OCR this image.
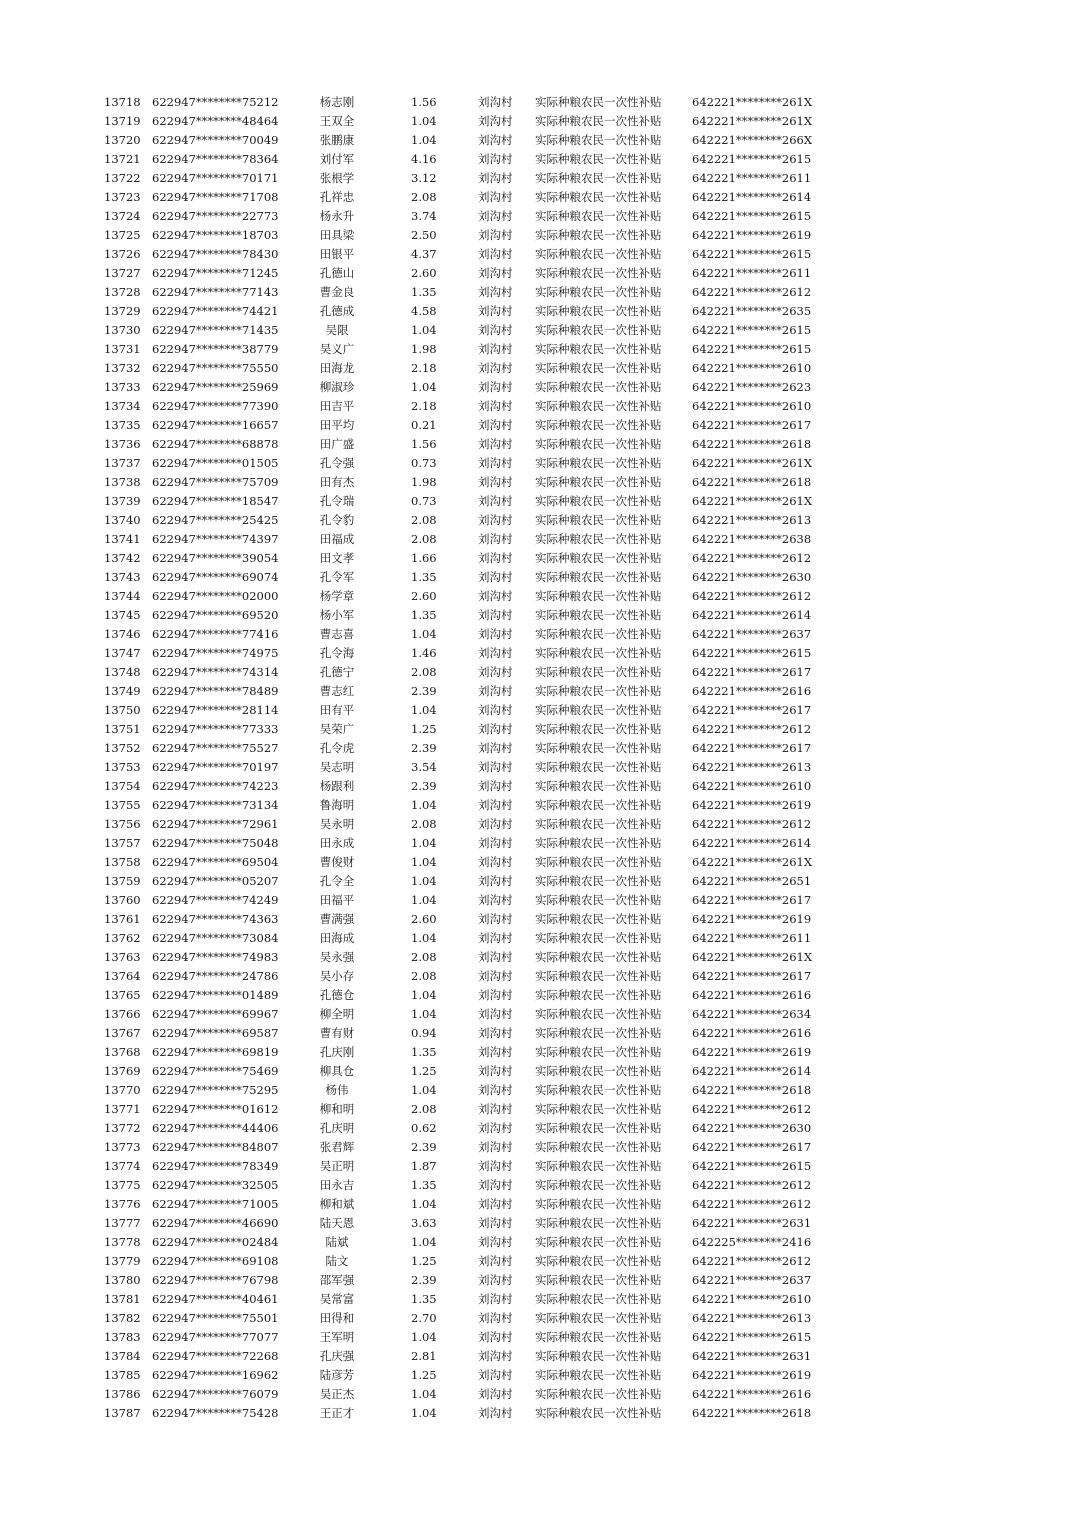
13718 622947********75212	杨志刚	1.56	刘沟村 实际种粮农民一次性补贴	642221********261X
13719 622947********48464	王双全	1.04	刘沟村 实际种粮农民一次性补贴	642221********261X
13720 622947********70049	张鹏康	1.04	刘沟村 实际种粮农民一次性补贴	642221********266X
13721 622947********78364	刘付军	4.16	刘沟村 实际种粮农民一次性补贴	642221********2615
13722 622947********70171	张根学	3.12	刘沟村 实际种粮农民一次性补贴	642221********2611
13723 622947********71708	孔祥忠	2.08	刘沟村 实际种粮农民一次性补贴	642221********2614
13724 622947********22773	杨永升	3.74	刘沟村 实际种粮农民一次性补贴	642221********2615
13725 622947********18703	田具梁	2.50	刘沟村 实际种粮农民一次性补贴	642221********2619
13726 622947********78430	田银平	4.37	刘沟村 实际种粮农民一次性补贴	642221********2615
13727 622947********71245	孔德山	2.60	刘沟村 实际种粮农民一次性补贴	642221********2611
13728 622947********77143	曹金良	1.35	刘沟村 实际种粮农民一次性补贴	642221********2612
13729 622947********74421	孔德成	4.58	刘沟村 实际种粮农民一次性补贴	642221********2635
13730 622947********71435	吴限	1.04	刘沟村 实际种粮农民一次性补贴	642221********2615
13731 622947********38779	吴义广	1.98	刘沟村 实际种粮农民一次性补贴	642221********2615
13732 622947********75550	田海龙	2.18	刘沟村 实际种粮农民一次性补贴	642221********2610
13733 622947********25969	柳淑珍	1.04	刘沟村 实际种粮农民一次性补贴	642221********2623
13734 622947********77390	田吉平	2.18	刘沟村 实际种粮农民一次性补贴	642221********2610
13735 622947********16657	田平均	0.21	刘沟村 实际种粮农民一次性补贴	642221********2617
13736 622947********68878	田广盛	1.56	刘沟村 实际种粮农民一次性补贴	642221********2618
13737 622947********01505	孔令强	0.73	刘沟村 实际种粮农民一次性补贴	642221********261X
13738 622947********75709	田有杰	1.98	刘沟村 实际种粮农民一次性补贴	642221********2618
13739 622947********18547	孔令瑞	0.73	刘沟村 实际种粮农民一次性补贴	642221********261X
13740 622947********25425	孔令豹	2.08	刘沟村 实际种粮农民一次性补贴	642221********2613
13741 622947********74397	田福成	2.08	刘沟村 实际种粮农民一次性补贴	642221********2638
13742 622947********39054	田文孝	1.66	刘沟村 实际种粮农民一次性补贴	642221********2612
13743 622947********69074	孔令军	1.35	刘沟村 实际种粮农民一次性补贴	642221********2630
13744 622947********02000	杨学章	2.60	刘沟村 实际种粮农民一次性补贴	642221********2612
13745 622947********69520	杨小军	1.35	刘沟村 实际种粮农民一次性补贴	642221********2614
13746 622947********77416	曹志喜	1.04	刘沟村 实际种粮农民一次性补贴	642221********2637
13747 622947********74975	孔令海	1.46	刘沟村 实际种粮农民一次性补贴	642221********2615
13748 622947********74314	孔德宁	2.08	刘沟村 实际种粮农民一次性补贴	642221********2617
13749 622947********78489	曹志红	2.39	刘沟村 实际种粮农民一次性补贴	642221********2616
13750 622947********28114	田有平	1.04	刘沟村 实际种粮农民一次性补贴	642221********2617
13751 622947********77333	吴荣广	1.25	刘沟村 实际种粮农民一次性补贴	642221********2612
13752 622947********75527	孔令虎	2.39	刘沟村 实际种粮农民一次性补贴	642221********2617
13753 622947********70197	吴志明	3.54	刘沟村 实际种粮农民一次性补贴	642221********2613
13754 622947********74223	杨跟利	2.39	刘沟村 实际种粮农民一次性补贴	642221********2610
13755 622947********73134	鲁海明	1.04	刘沟村 实际种粮农民一次性补贴	642221********2619
13756 622947********72961	吴永明	2.08	刘沟村 实际种粮农民一次性补贴	642221********2612
13757 622947********75048	田永成	1.04	刘沟村 实际种粮农民一次性补贴	642221********2614
13758 622947********69504	曹俊财	1.04	刘沟村 实际种粮农民一次性补贴	642221********261X
13759 622947********05207	孔令全	1.04	刘沟村 实际种粮农民一次性补贴	642221********2651
13760 622947********74249	田福平	1.04	刘沟村 实际种粮农民一次性补贴	642221********2617
13761 622947********74363	曹满强	2.60	刘沟村 实际种粮农民一次性补贴	642221********2619
13762 622947********73084	田海成	1.04	刘沟村 实际种粮农民一次性补贴	642221********2611
13763 622947********74983	吴永强	2.08	刘沟村 实际种粮农民一次性补贴	642221********261X
13764 622947********24786	吴小存	2.08	刘沟村 实际种粮农民一次性补贴	642221********2617
13765 622947********01489	孔德仓	1.04	刘沟村 实际种粮农民一次性补贴	642221********2616
13766 622947********69967	柳全明	1.04	刘沟村 实际种粮农民一次性补贴	642221********2634
13767 622947********69587	曹有财	0.94	刘沟村 实际种粮农民一次性补贴	642221********2616
13768 622947********69819	孔庆刚	1.35	刘沟村 实际种粮农民一次性补贴	642221********2619
13769 622947********75469	柳具仓	1.25	刘沟村 实际种粮农民一次性补贴	642221********2614
13770 622947********75295	杨伟	1.04	刘沟村 实际种粮农民一次性补贴	642221********2618
13771 622947********01612	柳和明	2.08	刘沟村 实际种粮农民一次性补贴	642221********2612
13772 622947********44406	孔庆明	0.62	刘沟村 实际种粮农民一次性补贴	642221********2630
13773 622947********84807	张君辉	2.39	刘沟村 实际种粮农民一次性补贴	642221********2617
13774 622947********78349	吴正明	1.87	刘沟村 实际种粮农民一次性补贴	642221********2615
13775 622947********32505	田永吉	1.35	刘沟村 实际种粮农民一次性补贴	642221********2612
13776 622947********71005	柳和斌	1.04	刘沟村 实际种粮农民一次性补贴	642221********2612
13777 622947********46690	陆天恩	3.63	刘沟村 实际种粮农民一次性补贴	642221********2631
13778 622947********02484	陆斌	1.04	刘沟村 实际种粮农民一次性补贴	642225********2416
13779 622947********69108	陆文	1.25	刘沟村 实际种粮农民一次性补贴	642221********2612
13780 622947********76798	邵军强	2.39	刘沟村 实际种粮农民一次性补贴	642221********2637
13781 622947********40461	吴常富	1.35	刘沟村 实际种粮农民一次性补贴	642221********2610
13782 622947********75501	田得和	2.70	刘沟村 实际种粮农民一次性补贴	642221********2613
13783 622947********77077	王军明	1.04	刘沟村 实际种粮农民一次性补贴	642221********2615
13784 622947********72268	孔庆强	2.81	刘沟村 实际种粮农民一次性补贴	642221********2631
13785 622947********16962	陆彦芳	1.25	刘沟村 实际种粮农民一次性补贴	642221********2619
13786 622947********76079	吴正杰	1.04	刘沟村 实际种粮农民一次性补贴	642221********2616
13787 622947********75428	王正才	1.04	刘沟村 实际种粮农民一次性补贴	642221********2618
